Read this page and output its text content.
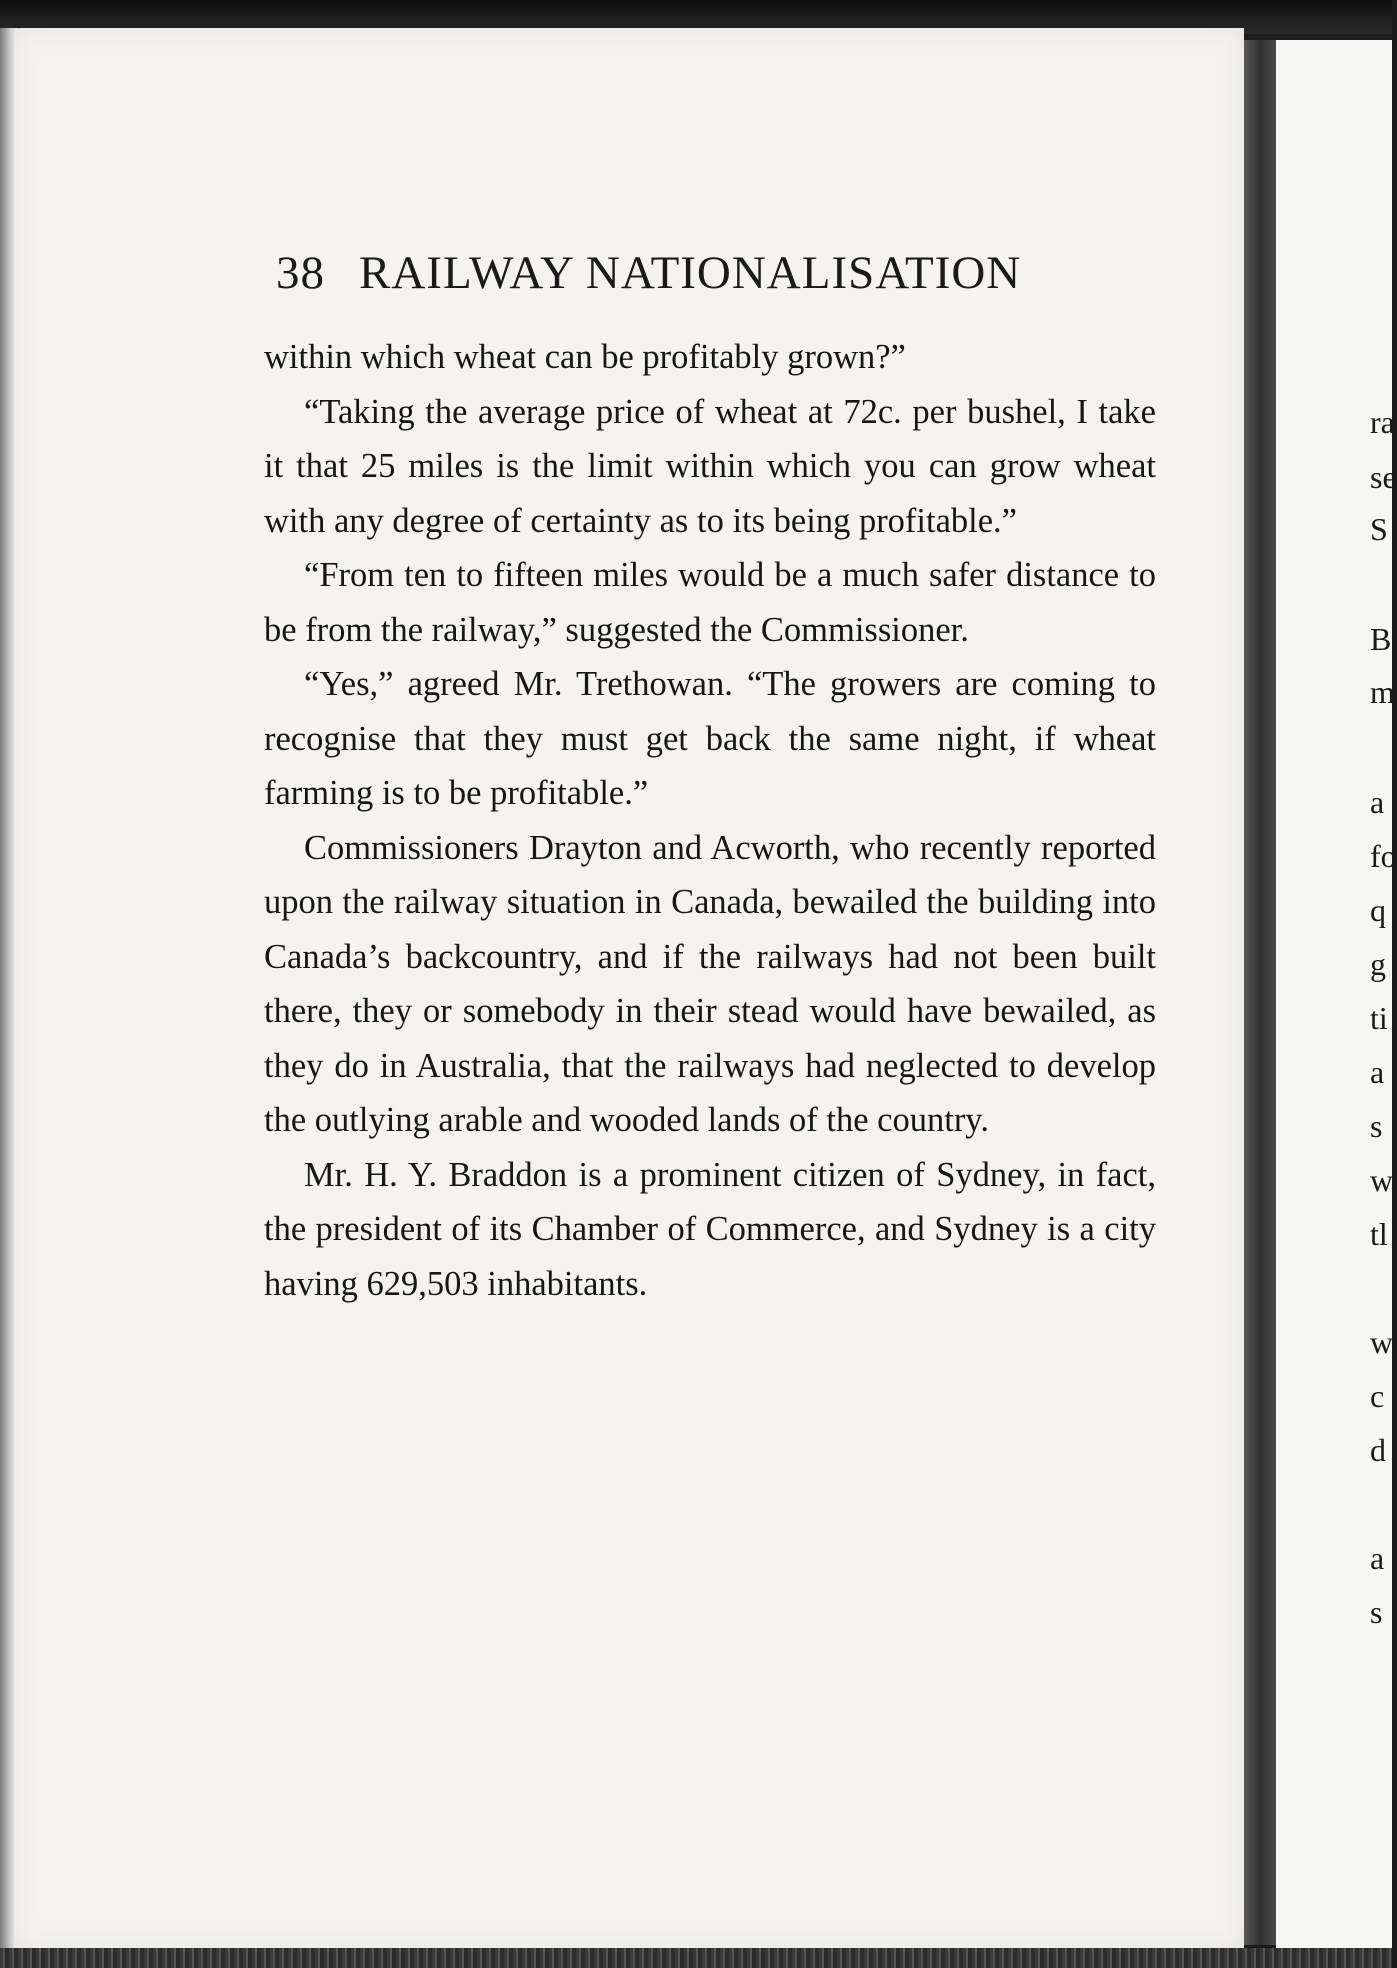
38 RAILWAY NATIONALISATION

within which wheat can be profitably grown?”

“Taking the average price of wheat at 72c. per bushel, I take it that 25 miles is the limit within which you can grow wheat with any degree of certainty as to its being profitable.”

“From ten to fifteen miles would be a much safer distance to be from the railway,” suggested the Commissioner.

“Yes,” agreed Mr. Trethowan. “The growers are coming to recognise that they must get back the same night, if wheat farming is to be profitable.”

Commissioners Drayton and Acworth, who recently reported upon the railway situation in Canada, bewailed the building into Canada’s backcountry, and if the railways had not been built there, they or somebody in their stead would have bewailed, as they do in Australia, that the railways had neglected to develop the outlying arable and wooded lands of the country.

Mr. H. Y. Braddon is a prominent citizen of Sydney, in fact, the president of its Chamber of Commerce, and Sydney is a city having 629,503 inhabitants.

ra
se
S
B
m
a
fo
q
g
ti
a
s
w
tl
w
c
d
a
s
